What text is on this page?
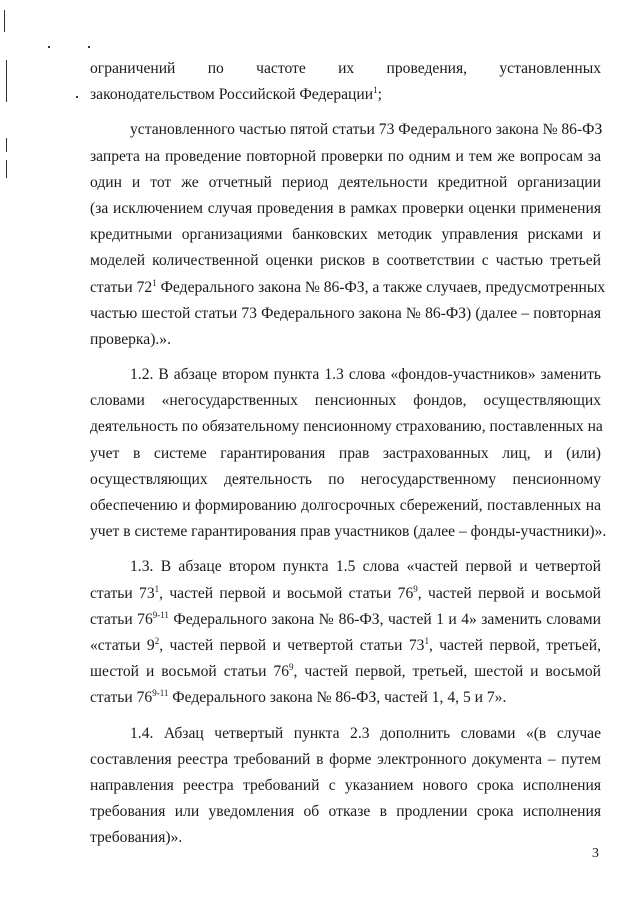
ограничений по частоте их проведения, установленных
законодательством Российской Федерации$^1$;
установленного частью пятой статьи 73 Федерального закона № 86-ФЗ
запрета на проведение повторной проверки по одним и тем же вопросам за
один и тот же отчетный период деятельности кредитной организации
(за исключением случая проведения в рамках проверки оценки применения
кредитными организациями банковских методик управления рисками и
моделей количественной оценки рисков в соответствии с частью третьей
статьи $72^1$ Федерального закона № 86-ФЗ, а также случаев, предусмотренных
частью шестой статьи 73 Федерального закона № 86-ФЗ) (далее – повторная
проверка).».
1.2. В абзаце втором пункта 1.3 слова «фондов-участников» заменить
словами «негосударственных пенсионных фондов, осуществляющих
деятельность по обязательному пенсионному страхованию, поставленных на
учет в системе гарантирования прав застрахованных лиц, и (или)
осуществляющих деятельность по негосударственному пенсионному
обеспечению и формированию долгосрочных сбережений, поставленных на
учет в системе гарантирования прав участников (далее – фонды-участники)».
1.3. В абзаце втором пункта 1.5 слова «частей первой и четвертой
статьи $73^1$, частей первой и восьмой статьи $76^9$, частей первой и восьмой
статьи 76$^{9-11}$ Федерального закона № 86-ФЗ, частей 1 и 4» заменить словами
«статьи $9^2$, частей первой и четвертой статьи $73^1$, частей первой, третьей,
шестой и восьмой статьи $76^9$, частей первой, третьей, шестой и восьмой
статьи 76$^{9-11}$ Федерального закона № 86-ФЗ, частей 1, 4, 5 и 7».
1.4. Абзац четвертый пункта 2.3 дополнить словами «(в случае
составления реестра требований в форме электронного документа – путем
направления реестра требований с указанием нового срока исполнения
требования или уведомления об отказе в продлении срока исполнения
требования)».
3
